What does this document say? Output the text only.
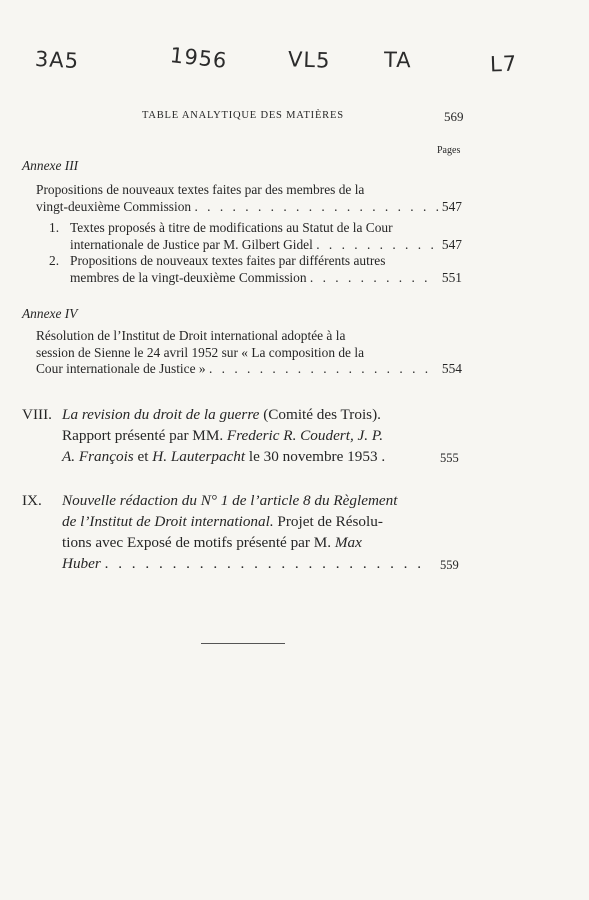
3A5	1956	VL5	TA	L7
TABLE ANALYTIQUE DES MATIÈRES	569
Pages
Annexe III
Propositions de nouveaux textes faites par des membres de la
vingt-deuxième Commission . . . . . . . . . . . . . . . . . . . . 547
1. Textes proposés à titre de modifications au Statut de la Cour
internationale de Justice par M. Gilbert Gidel . . . . . . . . . . 547
2. Propositions de nouveaux textes faites par différents autres
membres de la vingt-deuxième Commission . . . . . . . . . . 551
Annexe IV
Résolution de l’Institut de Droit international adoptée à la
session de Sienne le 24 avril 1952 sur « La composition de la
Cour internationale de Justice » . . . . . . . . . . . . . . . . . . 554
VIII. La revision du droit de la guerre (Comité des Trois).
Rapport présenté par MM. Frederic R. Coudert, J. P.
A. François et H. Lauterpacht le 30 novembre 1953 .	555
IX. Nouvelle rédaction du N° 1 de l’article 8 du Règlement
de l’Institut de Droit international. Projet de Résolu-
tions avec Exposé de motifs présenté par M. Max
Huber . . . . . . . . . . . . . . . . . . . . . . . .	559
